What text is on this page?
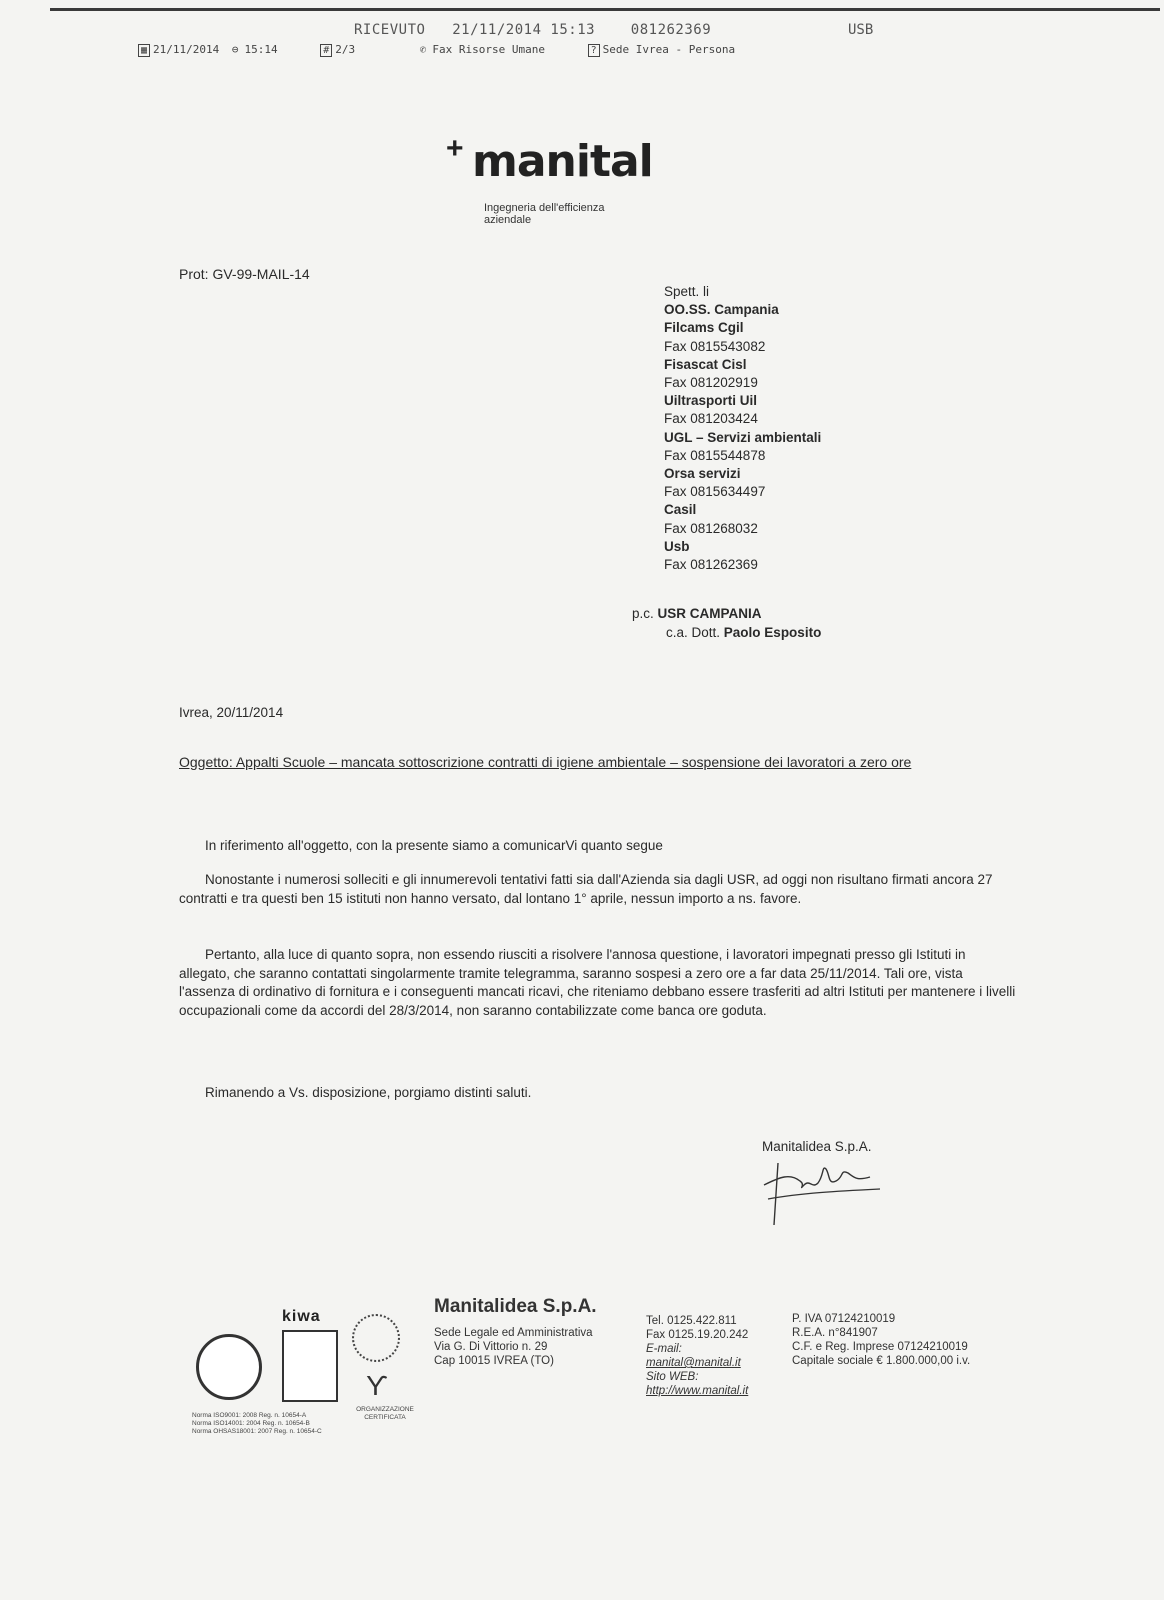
RICEVUTO   21/11/2014 15:13    081262369	USB
▦ 21/11/2014 ⊖ 15:14	# 2/3	✆ Fax Risorse Umane	? Sede Ivrea - Persona
+ manital
Ingegneria dell'efficienza
aziendale
Prot: GV-99-MAIL-14
Spett. li
OO.SS. Campania
Filcams Cgil
Fax 0815543082
Fisascat Cisl
Fax 081202919
Uiltrasporti Uil
Fax 081203424
UGL – Servizi ambientali
Fax 0815544878
Orsa servizi
Fax 0815634497
Casil
Fax 081268032
Usb
Fax 081262369
p.c. USR CAMPANIA
c.a. Dott. Paolo Esposito
Ivrea, 20/11/2014
Oggetto: Appalti Scuole – mancata sottoscrizione contratti di igiene ambientale – sospensione dei lavoratori a zero ore
In riferimento all'oggetto, con la presente siamo a comunicarVi quanto segue
Nonostante i numerosi solleciti e gli innumerevoli tentativi fatti sia dall'Azienda sia dagli USR, ad oggi non risultano firmati ancora 27 contratti e tra questi ben 15 istituti non hanno versato, dal lontano 1° aprile, nessun importo a ns. favore.
Pertanto, alla luce di quanto sopra, non essendo riusciti a risolvere l'annosa questione, i lavoratori impegnati presso gli Istituti in allegato, che saranno contattati singolarmente tramite telegramma, saranno sospesi a zero ore a far data 25/11/2014. Tali ore, vista l'assenza di ordinativo di fornitura e i conseguenti mancati ricavi, che riteniamo debbano essere trasferiti ad altri Istituti per mantenere i livelli occupazionali come da accordi del 28/3/2014, non saranno contabilizzate come banca ore goduta.
Rimanendo a Vs. disposizione, porgiamo distinti saluti.
Manitalidea S.p.A.
kiwa
ϒ
Norma ISO9001: 2008 Reg. n. 10654-A
Norma ISO14001: 2004 Reg. n. 10654-B
Norma OHSAS18001: 2007 Reg. n. 10654-C
ORGANIZZAZIONE
CERTIFICATA
Manitalidea S.p.A.
Sede Legale ed Amministrativa
Via G. Di Vittorio n. 29
Cap 10015 IVREA (TO)
Tel. 0125.422.811
Fax 0125.19.20.242
E-mail:
manital@manital.it
Sito WEB:
http://www.manital.it
P. IVA 07124210019
R.E.A. n°841907
C.F. e Reg. Imprese 07124210019
Capitale sociale € 1.800.000,00 i.v.
